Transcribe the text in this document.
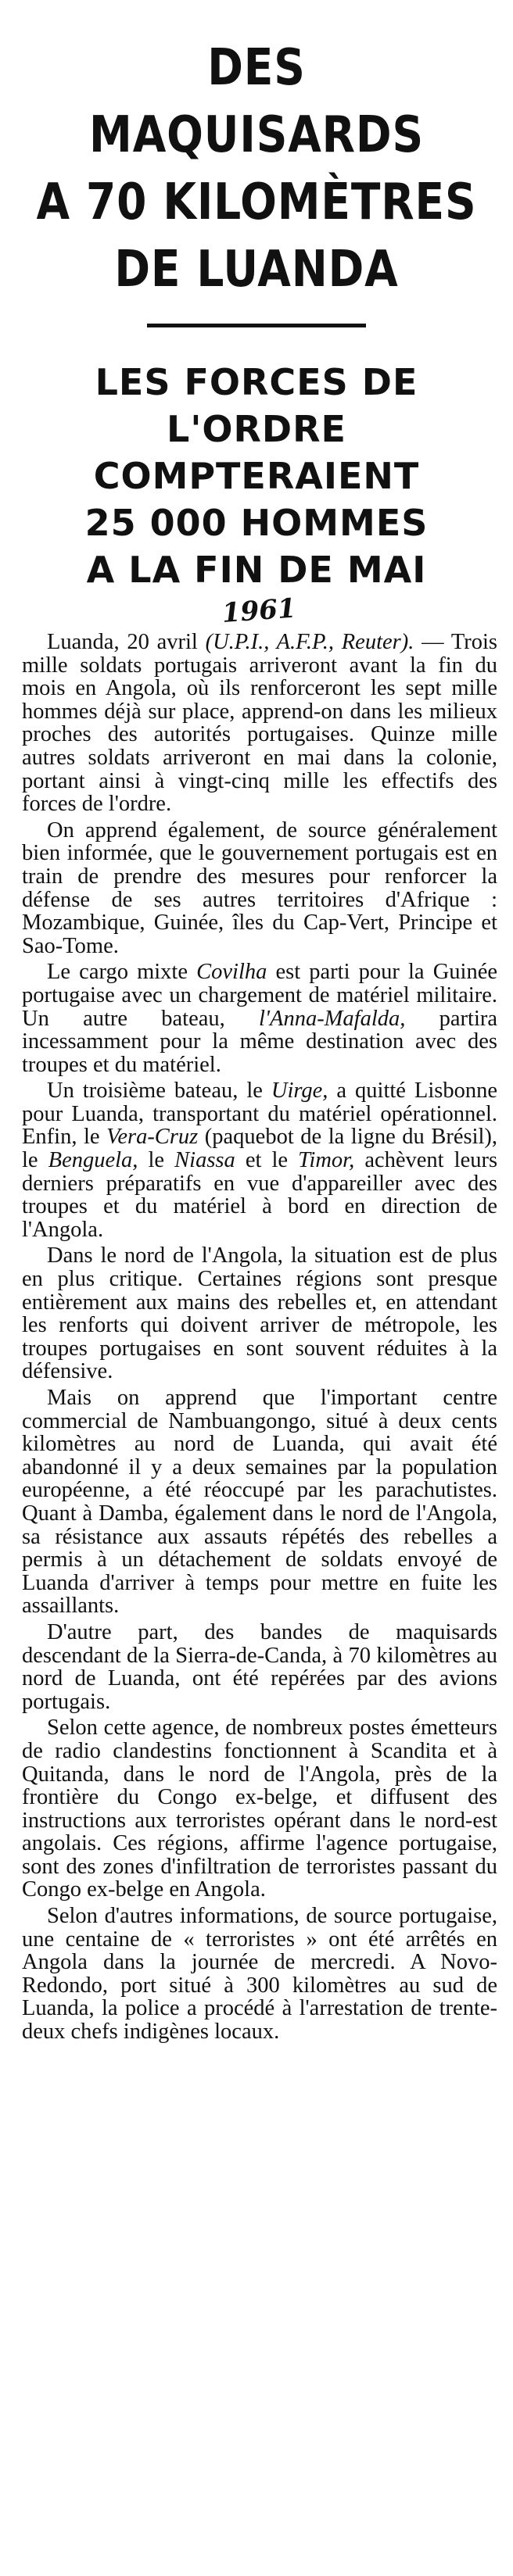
DES MAQUISARDS
A 70 KILOMÈTRES
DE LUANDA
LES FORCES DE L'ORDRE
COMPTERAIENT
25 000 HOMMES
A LA FIN DE MAI
1961

Luanda, 20 avril (U.P.I., A.F.P., Reuter). — Trois mille soldats portugais arriveront avant la fin du mois en Angola, où ils renforceront les sept mille hommes déjà sur place, apprend-on dans les milieux proches des autorités portugaises. Quinze mille autres soldats arriveront en mai dans la colonie, portant ainsi à vingt-cinq mille les effectifs des forces de l'ordre.

On apprend également, de source généralement bien informée, que le gouvernement portugais est en train de prendre des mesures pour renforcer la défense de ses autres territoires d'Afrique : Mozambique, Guinée, îles du Cap-Vert, Principe et Sao-Tome.

Le cargo mixte Covilha est parti pour la Guinée portugaise avec un chargement de matériel militaire. Un autre bateau, l'Anna-Mafalda, partira incessamment pour la même destination avec des troupes et du matériel.

Un troisième bateau, le Uirge, a quitté Lisbonne pour Luanda, transportant du matériel opérationnel. Enfin, le Vera-Cruz (paquebot de la ligne du Brésil), le Benguela, le Niassa et le Timor, achèvent leurs derniers préparatifs en vue d'appareiller avec des troupes et du matériel à bord en direction de l'Angola.

Dans le nord de l'Angola, la situation est de plus en plus critique. Certaines régions sont presque entièrement aux mains des rebelles et, en attendant les renforts qui doivent arriver de métropole, les troupes portugaises en sont souvent réduites à la défensive.

Mais on apprend que l'important centre commercial de Nambuangongo, situé à deux cents kilomètres au nord de Luanda, qui avait été abandonné il y a deux semaines par la population européenne, a été réoccupé par les parachutistes. Quant à Damba, également dans le nord de l'Angola, sa résistance aux assauts répétés des rebelles a permis à un détachement de soldats envoyé de Luanda d'arriver à temps pour mettre en fuite les assaillants.

D'autre part, des bandes de maquisards descendant de la Sierra-de-Canda, à 70 kilomètres au nord de Luanda, ont été repérées par des avions portugais.

Selon cette agence, de nombreux postes émetteurs de radio clandestins fonctionnent à Scandita et à Quitanda, dans le nord de l'Angola, près de la frontière du Congo ex-belge, et diffusent des instructions aux terroristes opérant dans le nord-est angolais. Ces régions, affirme l'agence portugaise, sont des zones d'infiltration de terroristes passant du Congo ex-belge en Angola.

Selon d'autres informations, de source portugaise, une centaine de « terroristes » ont été arrêtés en Angola dans la journée de mercredi. A Novo-Redondo, port situé à 300 kilomètres au sud de Luanda, la police a procédé à l'arrestation de trente-deux chefs indigènes locaux.
